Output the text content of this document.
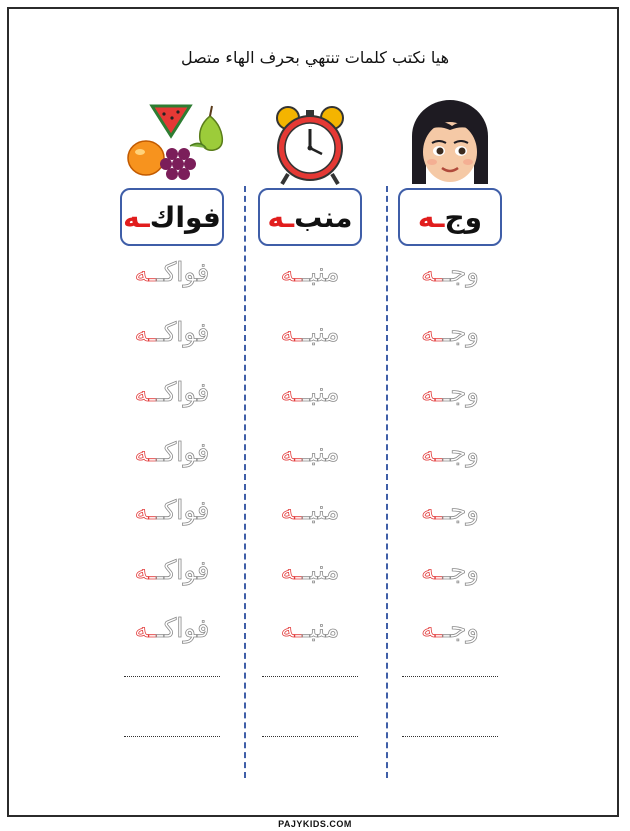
هيا نكتب كلمات تنتهي بحرف الهاء متصل
وج
ـه
وجــه
وجــه
وجــه
وجــه
وجــه
وجــه
وجــه
منب
ـه
منبــه
منبــه
منبــه
منبــه
منبــه
منبــه
منبــه
فواك
ـه
فواكــه
فواكــه
فواكــه
فواكــه
فواكــه
فواكــه
فواكــه
PAJYKIDS.COM
